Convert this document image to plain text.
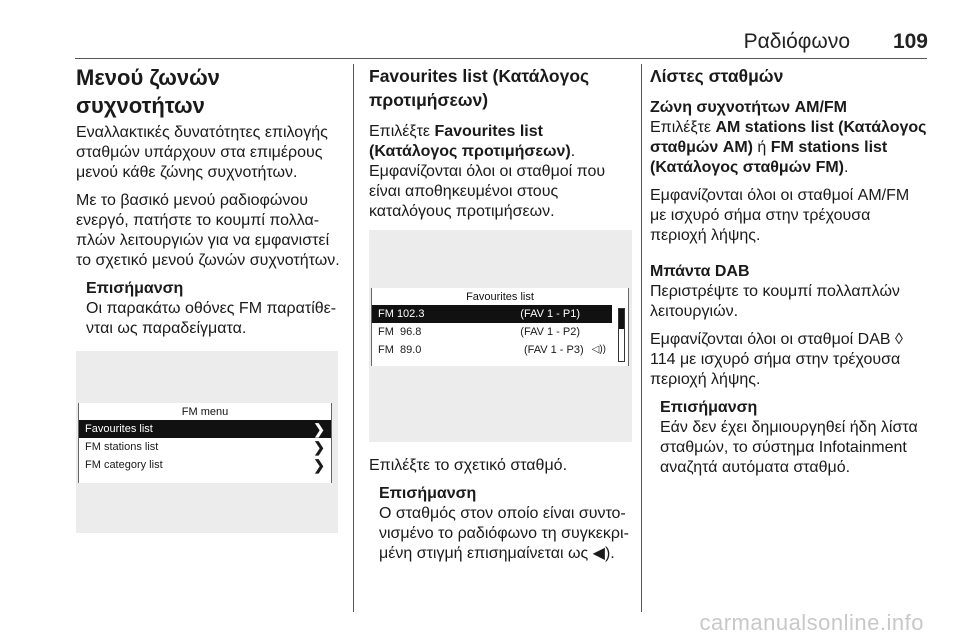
Ραδιόφωνο 109
Μενού ζωνών συχνοτήτων

Εναλλακτικές δυνατότητες επιλογής σταθμών υπάρχουν στα επιμέρους μενού κάθε ζώνης συχνοτήτων.

Με το βασικό μενού ραδιοφώνου ενεργό, πατήστε το κουμπί πολλα-πλών λειτουργιών για να εμφανιστεί το σχετικό μενού ζωνών συχνοτήτων.

Επισήμανση
Οι παρακάτω οθόνες FM παρατίθε-νται ως παραδείγματα.
FM menu
Favourites list	❯
FM stations list	❯
FM category list	❯
Favourites list (Κατάλογος προτιμήσεων)

Επιλέξτε Favourites list (Κατάλογος προτιμήσεων). Εμφανίζονται όλοι οι σταθμοί που είναι αποθηκευμένοι στους καταλόγους προτιμήσεων.

Favourites list
FM 102.3	(FAV 1 - P1)
FM  96.8	(FAV 1 - P2)
FM  89.0	(FAV 1 - P3) ◁))

Επιλέξτε το σχετικό σταθμό.

Επισήμανση
Ο σταθμός στον οποίο είναι συντο-νισμένο το ραδιόφωνο τη συγκεκρι-μένη στιγμή επισημαίνεται ως ◀).
Λίστες σταθμών
Ζώνη συχνοτήτων AM/FM

Επιλέξτε AM stations list (Κατάλογος σταθμών AM) ή FM stations list (Κατάλογος σταθμών FM).

Εμφανίζονται όλοι οι σταθμοί AM/FM με ισχυρό σήμα στην τρέχουσα περιοχή λήψης.

Μπάντα DAB

Περιστρέψτε το κουμπί πολλαπλών λειτουργιών.

Εμφανίζονται όλοι οι σταθμοί DAB ◊ 114 με ισχυρό σήμα στην τρέχουσα περιοχή λήψης.

Επισήμανση
Εάν δεν έχει δημιουργηθεί ήδη λίστα σταθμών, το σύστημα Infotainment αναζητά αυτόματα σταθμό.
carmanualsonline.info
